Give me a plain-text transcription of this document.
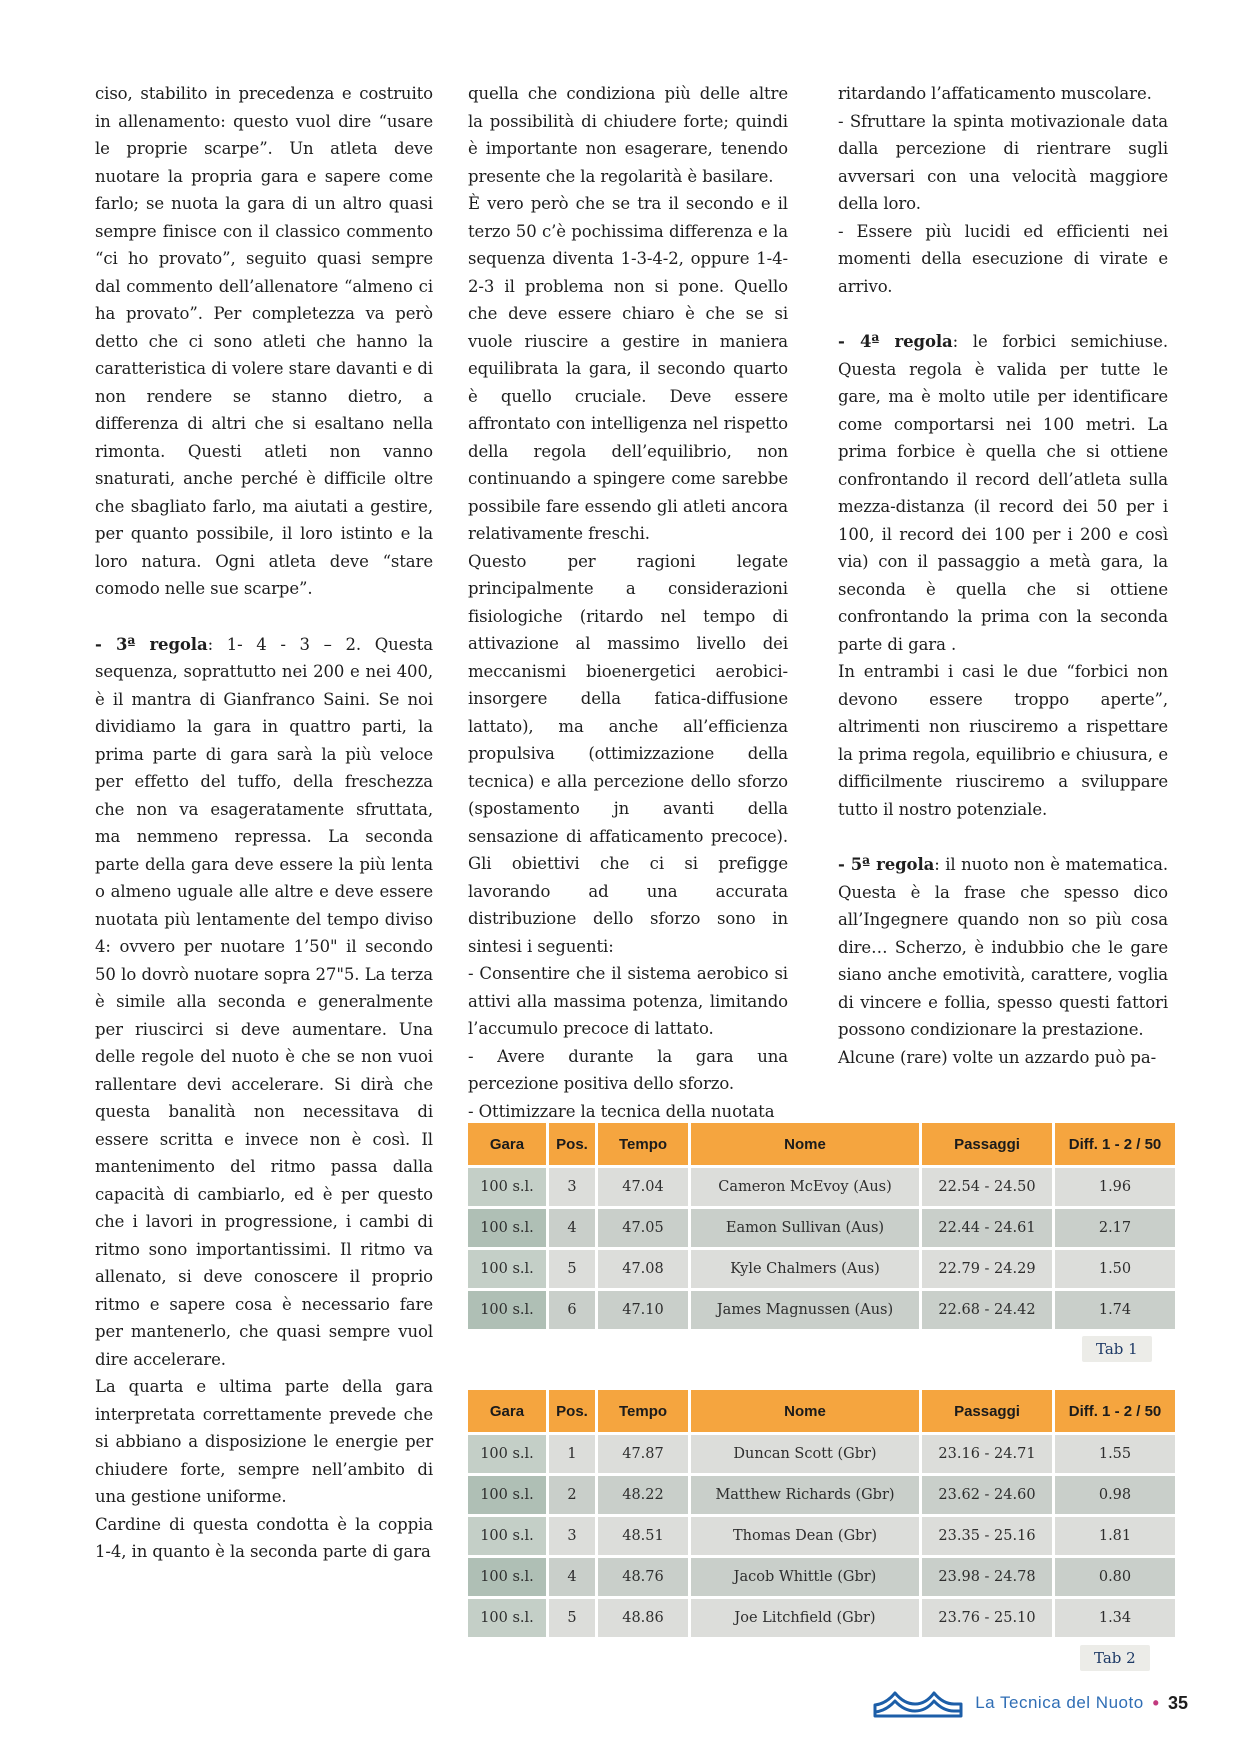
ciso, stabilito in precedenza e costruito in allenamento: questo vuol dire “usare le proprie scarpe”. Un atleta deve nuotare la propria gara e sapere come farlo; se nuota la gara di un altro quasi sempre finisce con il classico commento “ci ho provato”, seguito quasi sempre dal commento dell’allenatore “almeno ci ha provato”. Per completezza va però detto che ci sono atleti che hanno la caratteristica di volere stare davanti e di non rendere se stanno dietro, a differenza di altri che si esaltano nella rimonta. Questi atleti non vanno snaturati, anche perché è difficile oltre che sbagliato farlo, ma aiutati a gestire, per quanto possibile, il loro istinto e la loro natura. Ogni atleta deve “stare comodo nelle sue scarpe”.

- 3ª regola: 1- 4 - 3 – 2. Questa sequenza, soprattutto nei 200 e nei 400, è il mantra di Gianfranco Saini. Se noi dividiamo la gara in quattro parti, la prima parte di gara sarà la più veloce per effetto del tuffo, della freschezza che non va esageratamente sfruttata, ma nemmeno repressa. La seconda parte della gara deve essere la più lenta o almeno uguale alle altre e deve essere nuotata più lentamente del tempo diviso 4: ovvero per nuotare 1’50" il secondo 50 lo dovrò nuotare sopra 27"5. La terza è simile alla seconda e generalmente per riuscirci si deve aumentare. Una delle regole del nuoto è che se non vuoi rallentare devi accelerare. Si dirà che questa banalità non necessitava di essere scritta e invece non è così. Il mantenimento del ritmo passa dalla capacità di cambiarlo, ed è per questo che i lavori in progressione, i cambi di ritmo sono importantissimi. Il ritmo va allenato, si deve conoscere il proprio ritmo e sapere cosa è necessario fare per mantenerlo, che quasi sempre vuol dire accelerare.

La quarta e ultima parte della gara interpretata correttamente prevede che si abbiano a disposizione le energie per chiudere forte, sempre nell’ambito di una gestione uniforme.

Cardine di questa condotta è la coppia 1-4, in quanto è la seconda parte di gara

quella che condiziona più delle altre la possibilità di chiudere forte; quindi è importante non esagerare, tenendo presente che la regolarità è basilare.

È vero però che se tra il secondo e il terzo 50 c’è pochissima differenza e la sequenza diventa 1-3-4-2, oppure 1-4-2-3 il problema non si pone. Quello che deve essere chiaro è che se si vuole riuscire a gestire in maniera equilibrata la gara, il secondo quarto è quello cruciale. Deve essere affrontato con intelligenza nel rispetto della regola dell’equilibrio, non continuando a spingere come sarebbe possibile fare essendo gli atleti ancora relativamente freschi.

Questo per ragioni legate principalmente a considerazioni fisiologiche (ritardo nel tempo di attivazione al massimo livello dei meccanismi bioenergetici aerobici-insorgere della fatica-diffusione lattato), ma anche all’efficienza propulsiva (ottimizzazione della tecnica) e alla percezione dello sforzo (spostamento jn avanti della sensazione di affaticamento precoce). Gli obiettivi che ci si prefigge lavorando ad una accurata distribuzione dello sforzo sono in sintesi i seguenti:

- Consentire che il sistema aerobico si attivi alla massima potenza, limitando l’accumulo precoce di lattato.

- Avere durante la gara una percezione positiva dello sforzo.

- Ottimizzare la tecnica della nuotata

ritardando l’affaticamento muscolare.

- Sfruttare la spinta motivazionale data dalla percezione di rientrare sugli avversari con una velocità maggiore della loro.

- Essere più lucidi ed efficienti nei momenti della esecuzione di virate e arrivo.

- 4ª regola: le forbici semichiuse. Questa regola è valida per tutte le gare, ma è molto utile per identificare come comportarsi nei 100 metri. La prima forbice è quella che si ottiene confrontando il record dell’atleta sulla mezza-distanza (il record dei 50 per i 100, il record dei 100 per i 200 e così via) con il passaggio a metà gara, la seconda è quella che si ottiene confrontando la prima con la seconda parte di gara .

In entrambi i casi le due “forbici non devono essere troppo aperte”, altrimenti non riusciremo a rispettare la prima regola, equilibrio e chiusura, e difficilmente riusciremo a sviluppare tutto il nostro potenziale.

- 5ª regola: il nuoto non è matematica. Questa è la frase che spesso dico all’Ingegnere quando non so più cosa dire… Scherzo, è indubbio che le gare siano anche emotività, carattere, voglia di vincere e follia, spesso questi fattori possono condizionare la prestazione.

Alcune (rare) volte un azzardo può pa-

Gara	Pos.	Tempo	Nome	Passaggi	Diff. 1 - 2 / 50
100 s.l.	3	47.04	Cameron McEvoy (Aus)	22.54 - 24.50	1.96
100 s.l.	4	47.05	Eamon Sullivan (Aus)	22.44 - 24.61	2.17
100 s.l.	5	47.08	Kyle Chalmers (Aus)	22.79 - 24.29	1.50
100 s.l.	6	47.10	James Magnussen (Aus)	22.68 - 24.42	1.74
Tab 1
Gara	Pos.	Tempo	Nome	Passaggi	Diff. 1 - 2 / 50
100 s.l.	1	47.87	Duncan Scott (Gbr)	23.16 - 24.71	1.55
100 s.l.	2	48.22	Matthew Richards (Gbr)	23.62 - 24.60	0.98
100 s.l.	3	48.51	Thomas Dean (Gbr)	23.35 - 25.16	1.81
100 s.l.	4	48.76	Jacob Whittle (Gbr)	23.98 - 24.78	0.80
100 s.l.	5	48.86	Joe Litchfield (Gbr)	23.76 - 25.10	1.34
Tab 2
La Tecnica del Nuoto • 35
